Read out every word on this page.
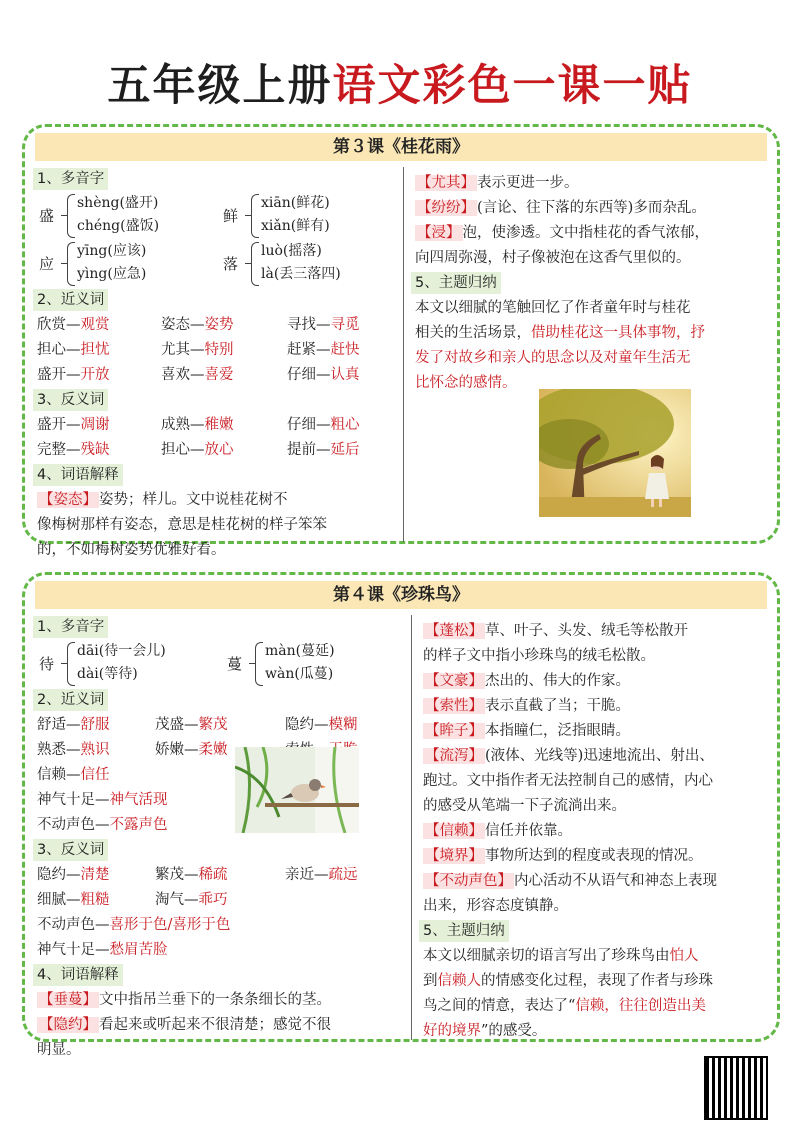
五年级上册语文彩色一课一贴
第３课《桂花雨》
1、多音字
盛
shèng(盛开)
chéng(盛饭)
鲜
xiān(鲜花)
xiǎn(鲜有)
应
yīng(应该)
yìng(应急)
落
luò(摇落)
là(丢三落四)
2、近义词
欣赏—观赏	姿态—姿势	寻找—寻觅
担心—担忧	尤其—特别	赶紧—赶快
盛开—开放	喜欢—喜爱	仔细—认真
3、反义词
盛开—凋谢	成熟—稚嫩	仔细—粗心
完整—残缺	担心—放心	提前—延后
4、词语解释
【姿态】 姿势；样儿。文中说桂花树不
像梅树那样有姿态，意思是桂花树的样子笨笨
的，不如梅树姿势优雅好看。
【尤其】 表示更进一步。
【纷纷】 (言论、往下落的东西等)多而杂乱。
【浸】 泡，使渗透。文中指桂花的香气浓郁，
向四周弥漫，村子像被泡在这香气里似的。
5、主题归纳
本文以细腻的笔触回忆了作者童年时与桂花
相关的生活场景，借助桂花这一具体事物，抒
发了对故乡和亲人的思念以及对童年生活无
比怀念的感情。
第４课《珍珠鸟》
1、多音字
待
dāi(待一会儿)
dài(等待)
蔓
màn(蔓延)
wàn(瓜蔓)
2、近义词
舒适—舒服	茂盛—繁茂	隐约—模糊
熟悉—熟识	娇嫩—柔嫩
信赖—信任
神气十足—神气活现
不动声色—不露声色
3、反义词
隐约—清楚	繁茂—稀疏	亲近—疏远
细腻—粗糙	淘气—乖巧
不动声色—喜形于色/喜形于色
神气十足—愁眉苦脸
4、词语解释
【垂蔓】 文中指吊兰垂下的一条条细长的茎。
【隐约】 看起来或听起来不很清楚；感觉不很
明显。
【蓬松】 草、叶子、头发、绒毛等松散开
的样子文中指小珍珠鸟的绒毛松散。
【文豪】 杰出的、伟大的作家。
【索性】 表示直截了当；干脆。
【眸子】 本指瞳仁，泛指眼睛。
【流泻】 (液体、光线等)迅速地流出、射出、
跑过。文中指作者无法控制自己的感情，内心
的感受从笔端一下子流淌出来。
【信赖】 信任并依靠。
【境界】 事物所达到的程度或表现的情况。
【不动声色】 内心活动不从语气和神态上表现
出来，形容态度镇静。
5、主题归纳
本文以细腻亲切的语言写出了珍珠鸟由怕人
到信赖人的情感变化过程，表现了作者与珍珠
鸟之间的情意，表达了“信赖，往往创造出美
好的境界”的感受。
